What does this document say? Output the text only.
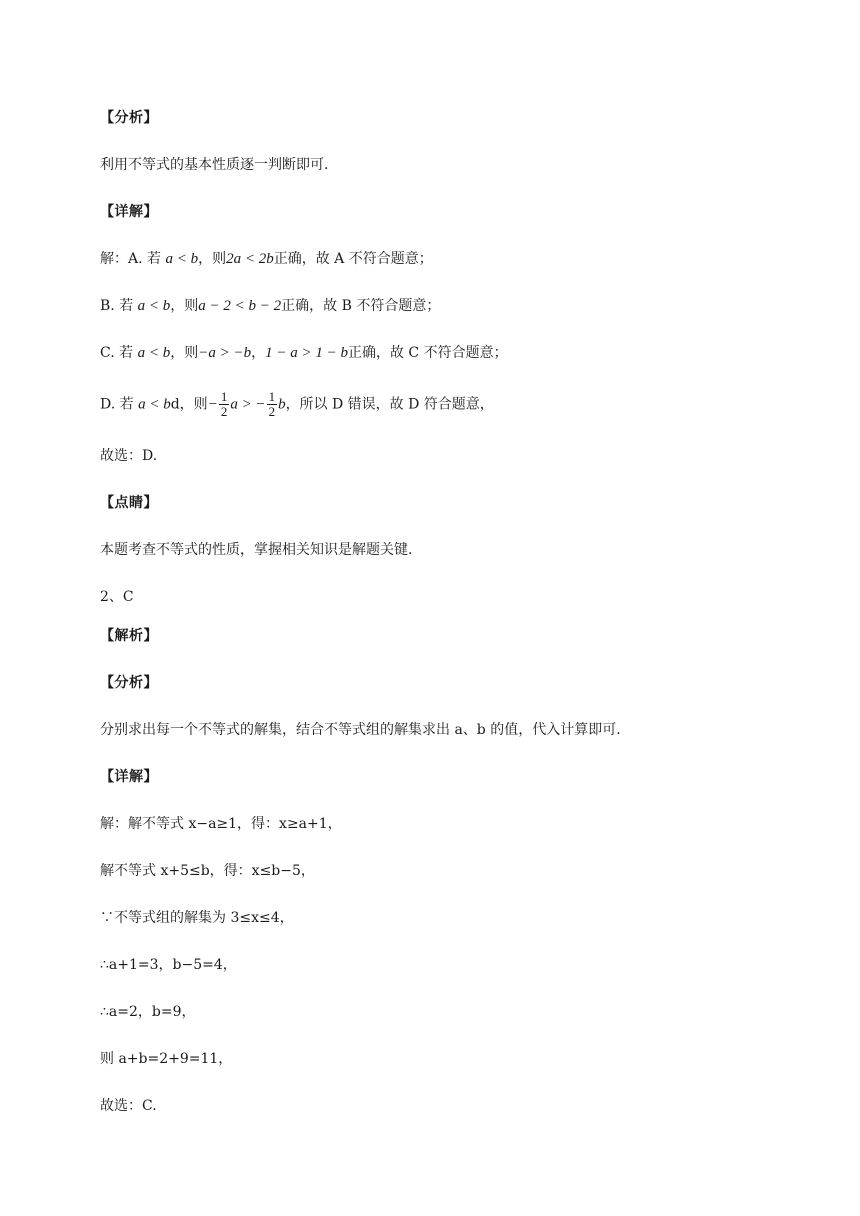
【分析】
利用不等式的基本性质逐一判断即可.
【详解】
解：A. 若 a < b，则2a < 2b正确，故 A 不符合题意；
B. 若 a < b，则a − 2 < b − 2正确，故 B 不符合题意；
C. 若 a < b，则−a > −b，1 − a > 1 − b正确，故 C 不符合题意；
D. 若 a < bd，则− $\frac{1}{2}$ a > − $\frac{1}{2}$ b，所以 D 错误，故 D 符合题意，
故选：D.
【点睛】
本题考查不等式的性质，掌握相关知识是解题关键.
2、C
【解析】
【分析】
分别求出每一个不等式的解集，结合不等式组的解集求出 a、b 的值，代入计算即可.
【详解】
解：解不等式 x−a≥1，得：x≥a+1，
解不等式 x+5≤b，得：x≤b−5，
∵不等式组的解集为 3≤x≤4，
∴a+1=3，b−5=4，
∴a=2，b=9，
则 a+b=2+9=11，
故选：C.
